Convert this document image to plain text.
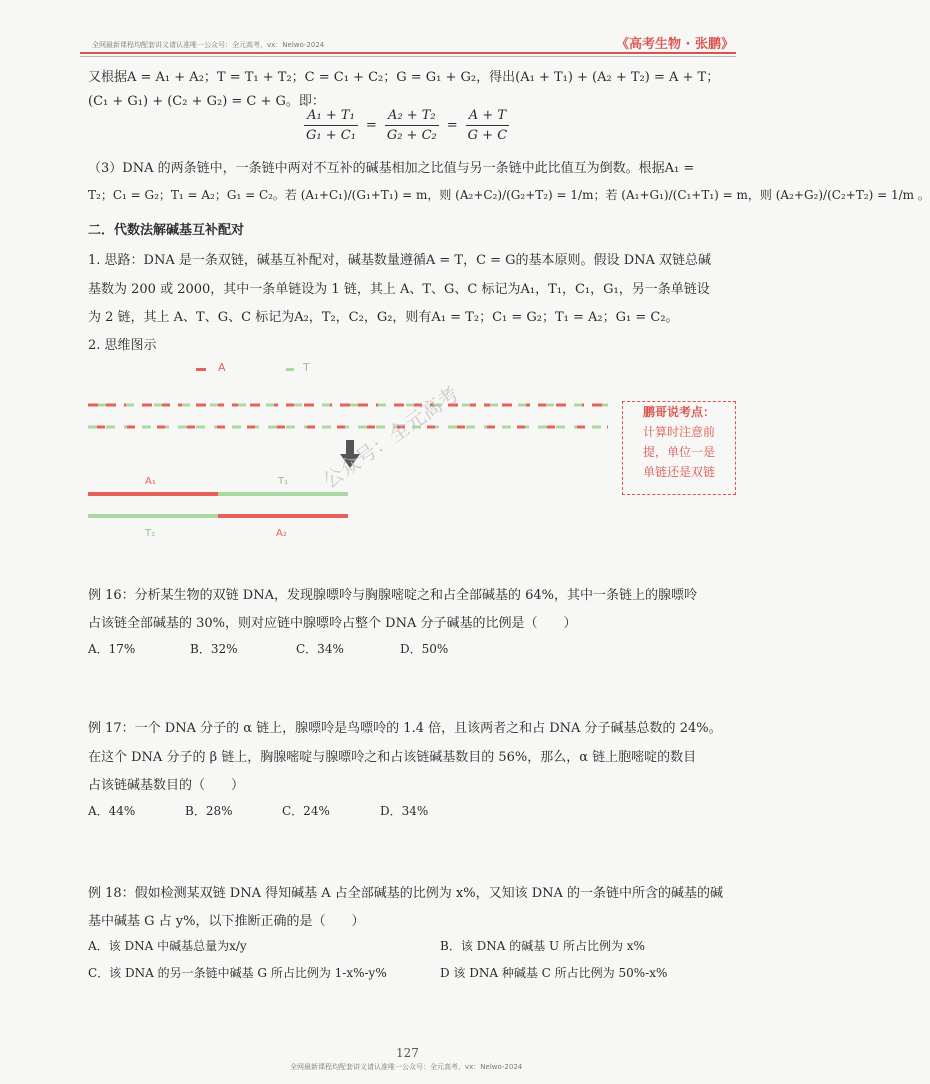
全网最新课程均配套讲义请认准唯一公众号：全元高考，vx：Nelwo-2024	《高考生物 · 张鹏》
又根据A = A₁ + A₂；T = T₁ + T₂；C = C₁ + C₂；G = G₁ + G₂，得出(A₁ + T₁) + (A₂ + T₂) = A + T；
(C₁ + G₁) + (C₂ + G₂) = C + G。即：
$\frac{\text{A₁ + T₁}}{\text{G₁ + C₁}} = \frac{\text{A₂ + T₂}}{\text{G₂ + C₂}} = \frac{A + T}{G + C}$
（3）DNA 的两条链中，一条链中两对不互补的碱基相加之比值与另一条链中此比值互为倒数。根据A₁ =
T₂；C₁ = G₂；T₁ = A₂；G₁ = C₂。若 (A₁+C₁)/(G₁+T₁) = m，则 (A₂+C₂)/(G₂+T₂) = 1/m；若 (A₁+G₁)/(C₁+T₁) = m，则 (A₂+G₂)/(C₂+T₂) = 1/m 。
二．代数法解碱基互补配对
1. 思路：DNA 是一条双链，碱基互补配对，碱基数量遵循A = T，C = G的基本原则。假设 DNA 双链总碱
基数为 200 或 2000，其中一条单链设为 1 链，其上 A、T、G、C 标记为A₁，T₁，C₁，G₁，另一条单链设
为 2 链，其上 A、T、G、C 标记为A₂，T₂，C₂，G₂，则有A₁ = T₂；C₁ = G₂；T₁ = A₂；G₁ = C₂。
2. 思维图示
A	T
A₁	T₁
T₂	A₂
鹏哥说考点：
计算时注意前
提，单位一是
单链还是双链
公众号：全元高考
例 16：分析某生物的双链 DNA，发现腺嘌呤与胸腺嘧啶之和占全部碱基的 64%，其中一条链上的腺嘌呤
占该链全部碱基的 30%，则对应链中腺嘌呤占整个 DNA 分子碱基的比例是（　　）
A．17%	B．32%	C．34%	D．50%
例 17：一个 DNA 分子的 α 链上，腺嘌呤是鸟嘌呤的 1.4 倍，且该两者之和占 DNA 分子碱基总数的 24%。
在这个 DNA 分子的 β 链上，胸腺嘧啶与腺嘌呤之和占该链碱基数目的 56%，那么，α 链上胞嘧啶的数目
占该链碱基数目的（　　）
A．44%	B．28%	C．24%	D．34%
例 18：假如检测某双链 DNA 得知碱基 A 占全部碱基的比例为 x%，又知该 DNA 的一条链中所含的碱基的碱
基中碱基 G 占 y%，以下推断正确的是（　　）
A．该 DNA 中碱基总量为x/y	B．该 DNA 的碱基 U 所占比例为 x%
C．该 DNA 的另一条链中碱基 G 所占比例为 1-x%-y%	D 该 DNA 种碱基 C 所占比例为 50%-x%
127
全网最新课程均配套讲义请认准唯一公众号：全元高考，vx：Nelwo-2024
